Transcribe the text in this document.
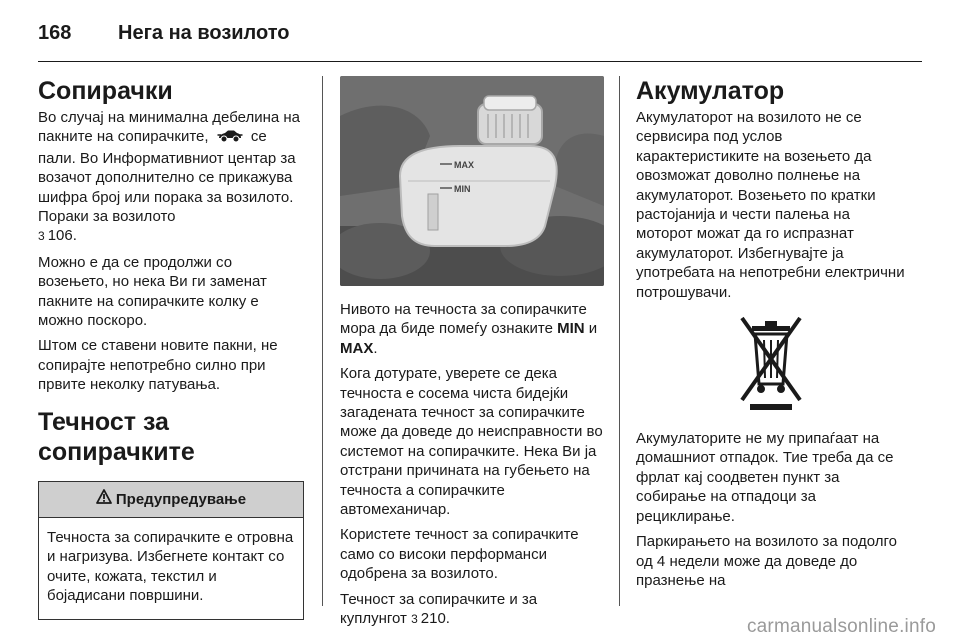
168 Нега на возилото
Сопирачки

Во случај на минимална дебелина на пакните на сопирачките,	се пали. Во Информативниот центар за возачот дополнително се прикажува шифра број или порака за возилото. Пораки за возилото
3 106.

Можно е да се продолжи со возењето, но нека Ви ги заменат пакните на сопирачките колку е можно поскоро.

Штом се ставени новите пакни, не сопирајте непотребно силно при првите неколку патувања.

Течност за сопирачките
Предупредување

Течноста за сопирачките е отровна и нагризува. Избегнете контакт со очите, кожата, текстил и бојадисани површини.

MAX
MIN

Нивото на течноста за сопирачките мора да биде помеѓу ознаките MIN и MAX.

Кога дотурате, уверете се дека течноста е сосема чиста бидејќи загадената течност за сопирачките може да доведе до неисправности во системот на сопирачките. Нека Ви ја отстрани причината на губењето на течноста а сопирачките автомеханичар.

Користете течност за сопирачките само со високи перформанси одобрена за возилото.

Течност за сопирачките и за куплунгот 3 210.

Акумулатор

Акумулаторот на возилото не се сервисира под услов карактеристиките на возењето да овозможат доволно полнење на акумулаторот. Возењето по кратки растојанија и чести палења на моторот можат да го испразнат акумулаторот. Избегнувајте ја употребата на непотребни електрични потрошувачи.

Акумулаторите не му припаѓаат на домашниот отпадок. Тие треба да се фрлат кај соодветен пункт за собирање на отпадоци за рециклирање.

Паркирањето на возилото за подолго од 4 недели може да доведе до празнење на

carmanualsonline.info
